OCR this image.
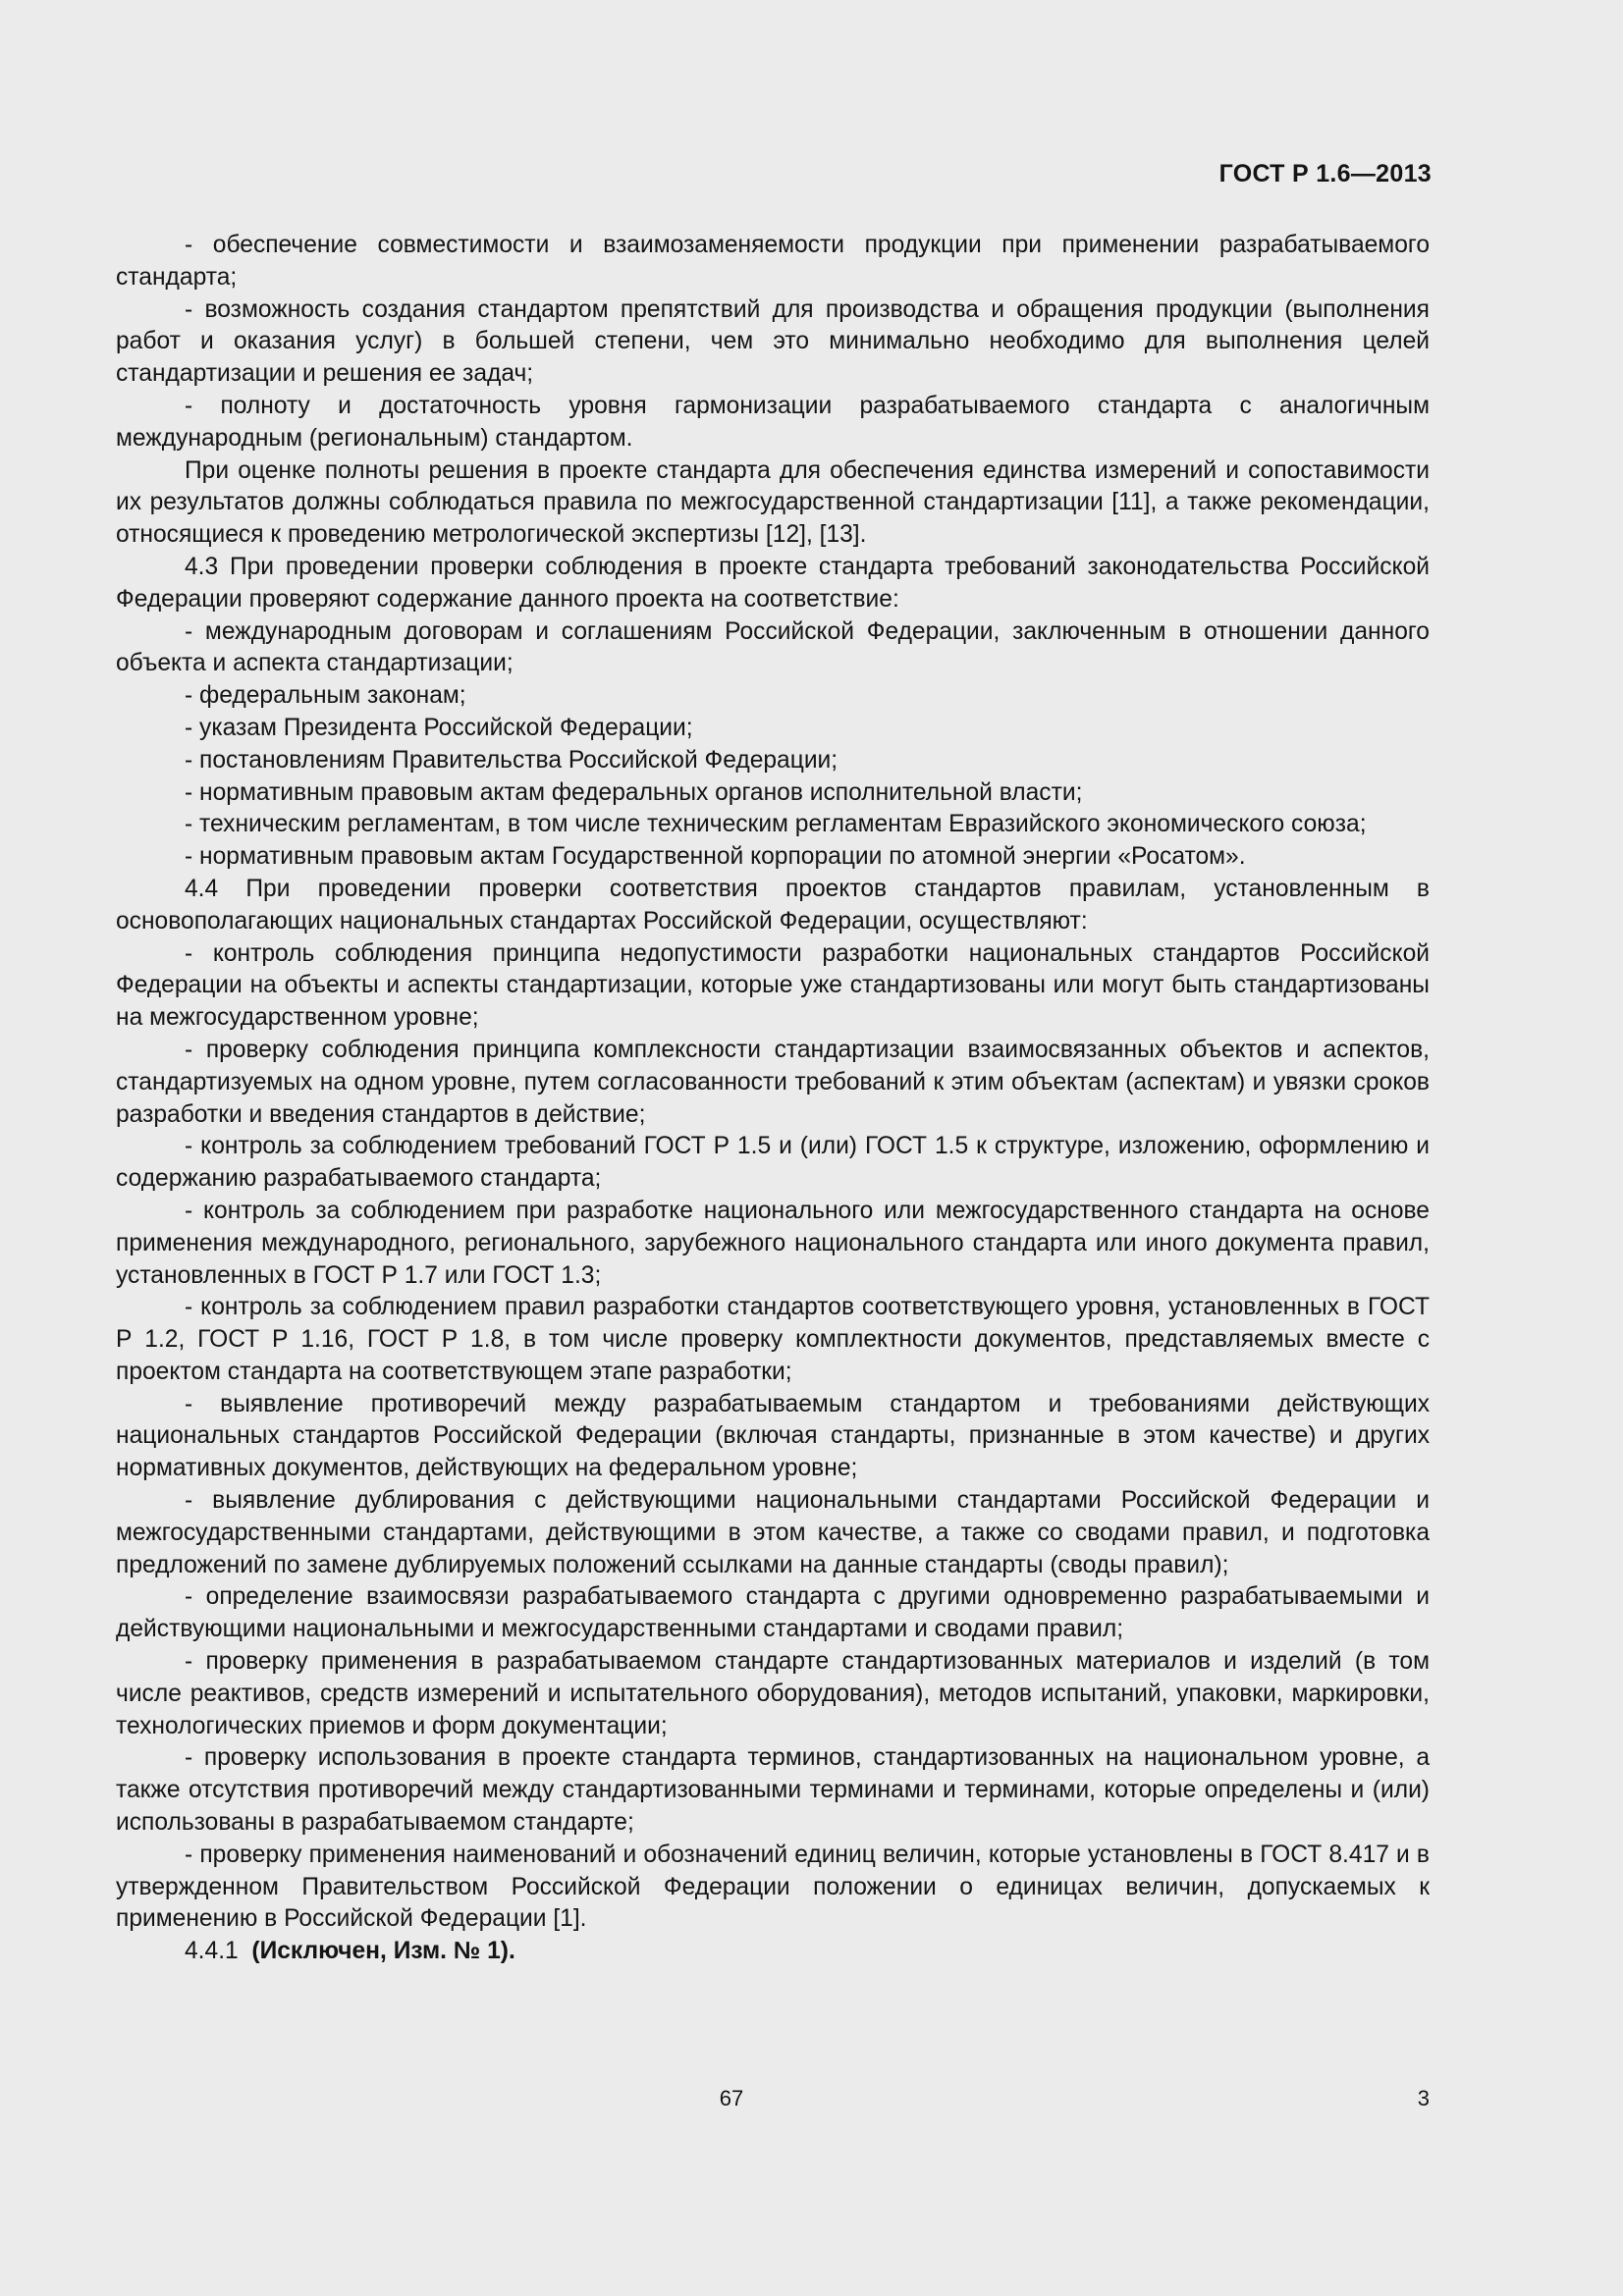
ГОСТ Р 1.6—2013

- обеспечение совместимости и взаимозаменяемости продукции при применении разрабатываемого стандарта;

- возможность создания стандартом препятствий для производства и обращения продукции (выполнения работ и оказания услуг) в большей степени, чем это минимально необходимо для выполнения целей стандартизации и решения ее задач;

- полноту и достаточность уровня гармонизации разрабатываемого стандарта с аналогичным международным (региональным) стандартом.

При оценке полноты решения в проекте стандарта для обеспечения единства измерений и сопоставимости их результатов должны соблюдаться правила по межгосударственной стандартизации [11], а также рекомендации, относящиеся к проведению метрологической экспертизы [12], [13].

4.3 При проведении проверки соблюдения в проекте стандарта требований законодательства Российской Федерации проверяют содержание данного проекта на соответствие:

- международным договорам и соглашениям Российской Федерации, заключенным в отношении данного объекта и аспекта стандартизации;

- федеральным законам;

- указам Президента Российской Федерации;

- постановлениям Правительства Российской Федерации;

- нормативным правовым актам федеральных органов исполнительной власти;

- техническим регламентам, в том числе техническим регламентам Евразийского экономического союза;

- нормативным правовым актам Государственной корпорации по атомной энергии «Росатом».

4.4 При проведении проверки соответствия проектов стандартов правилам, установленным в основополагающих национальных стандартах Российской Федерации, осуществляют:

- контроль соблюдения принципа недопустимости разработки национальных стандартов Российской Федерации на объекты и аспекты стандартизации, которые уже стандартизованы или могут быть стандартизованы на межгосударственном уровне;

- проверку соблюдения принципа комплексности стандартизации взаимосвязанных объектов и аспектов, стандартизуемых на одном уровне, путем согласованности требований к этим объектам (аспектам) и увязки сроков разработки и введения стандартов в действие;

- контроль за соблюдением требований ГОСТ Р 1.5 и (или) ГОСТ 1.5 к структуре, изложению, оформлению и содержанию разрабатываемого стандарта;

- контроль за соблюдением при разработке национального или межгосударственного стандарта на основе применения международного, регионального, зарубежного национального стандарта или иного документа правил, установленных в ГОСТ Р 1.7 или ГОСТ 1.3;

- контроль за соблюдением правил разработки стандартов соответствующего уровня, установленных в ГОСТ Р 1.2, ГОСТ Р 1.16, ГОСТ Р 1.8, в том числе проверку комплектности документов, представляемых вместе с проектом стандарта на соответствующем этапе разработки;

- выявление противоречий между разрабатываемым стандартом и требованиями действующих национальных стандартов Российской Федерации (включая стандарты, признанные в этом качестве) и других нормативных документов, действующих на федеральном уровне;

- выявление дублирования с действующими национальными стандартами Российской Федерации и межгосударственными стандартами, действующими в этом качестве, а также со сводами правил, и подготовка предложений по замене дублируемых положений ссылками на данные стандарты (своды правил);

- определение взаимосвязи разрабатываемого стандарта с другими одновременно разрабатываемыми и действующими национальными и межгосударственными стандартами и сводами правил;

- проверку применения в разрабатываемом стандарте стандартизованных материалов и изделий (в том числе реактивов, средств измерений и испытательного оборудования), методов испытаний, упаковки, маркировки, технологических приемов и форм документации;

- проверку использования в проекте стандарта терминов, стандартизованных на национальном уровне, а также отсутствия противоречий между стандартизованными терминами и терминами, которые определены и (или) использованы в разрабатываемом стандарте;

- проверку применения наименований и обозначений единиц величин, которые установлены в ГОСТ 8.417 и в утвержденном Правительством Российской Федерации положении о единицах величин, допускаемых к применению в Российской Федерации [1].

4.4.1 (Исключен, Изм. № 1).

67	3
